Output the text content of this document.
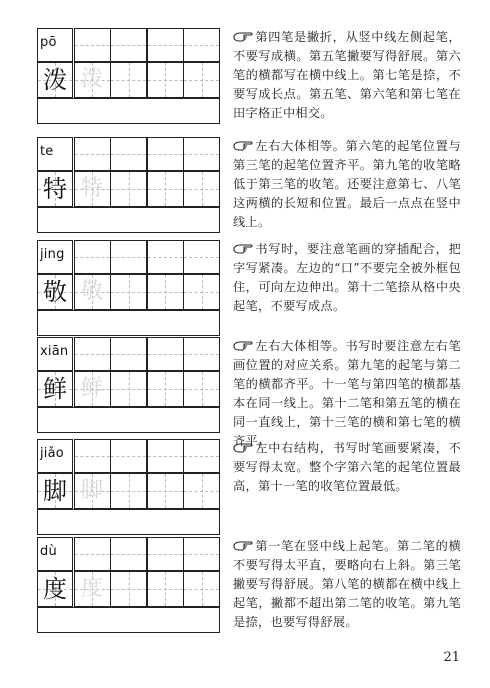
pō
泼 泼
第四笔是撇折，从竖中线左侧起笔，不要写成横。第五笔撇要写得舒展。第六笔的横都写在横中线上。第七笔是捺，不要写成长点。第五笔、第六笔和第七笔在田字格正中相交。
te
特 特
左右大体相等。第六笔的起笔位置与第三笔的起笔位置齐平。第九笔的收笔略低于第三笔的收笔。还要注意第七、八笔这两横的长短和位置。最后一点点在竖中线上。
jing
敬 敬
书写时，要注意笔画的穿插配合，把字写紧凑。左边的“口”不要完全被外框包住，可向左边伸出。第十二笔捺从格中央起笔，不要写成点。
xiān
鲜 鲜
左右大体相等。书写时要注意左右笔画位置的对应关系。第九笔的起笔与第二笔的横都齐平。十一笔与第四笔的横都基本在同一线上。第十二笔和第五笔的横在同一直线上，第十三笔的横和第七笔的横齐平。
jiǎo
脚 脚
左中右结构，书写时笔画要紧凑，不要写得太宽。整个字第六笔的起笔位置最高，第十一笔的收笔位置最低。
dù
度 度
第一笔在竖中线上起笔。第二笔的横不要写得太平直，要略向右上斜。第三笔撇要写得舒展。第八笔的横都在横中线上起笔，撇都不超出第二笔的收笔。第九笔是捺，也要写得舒展。
21
